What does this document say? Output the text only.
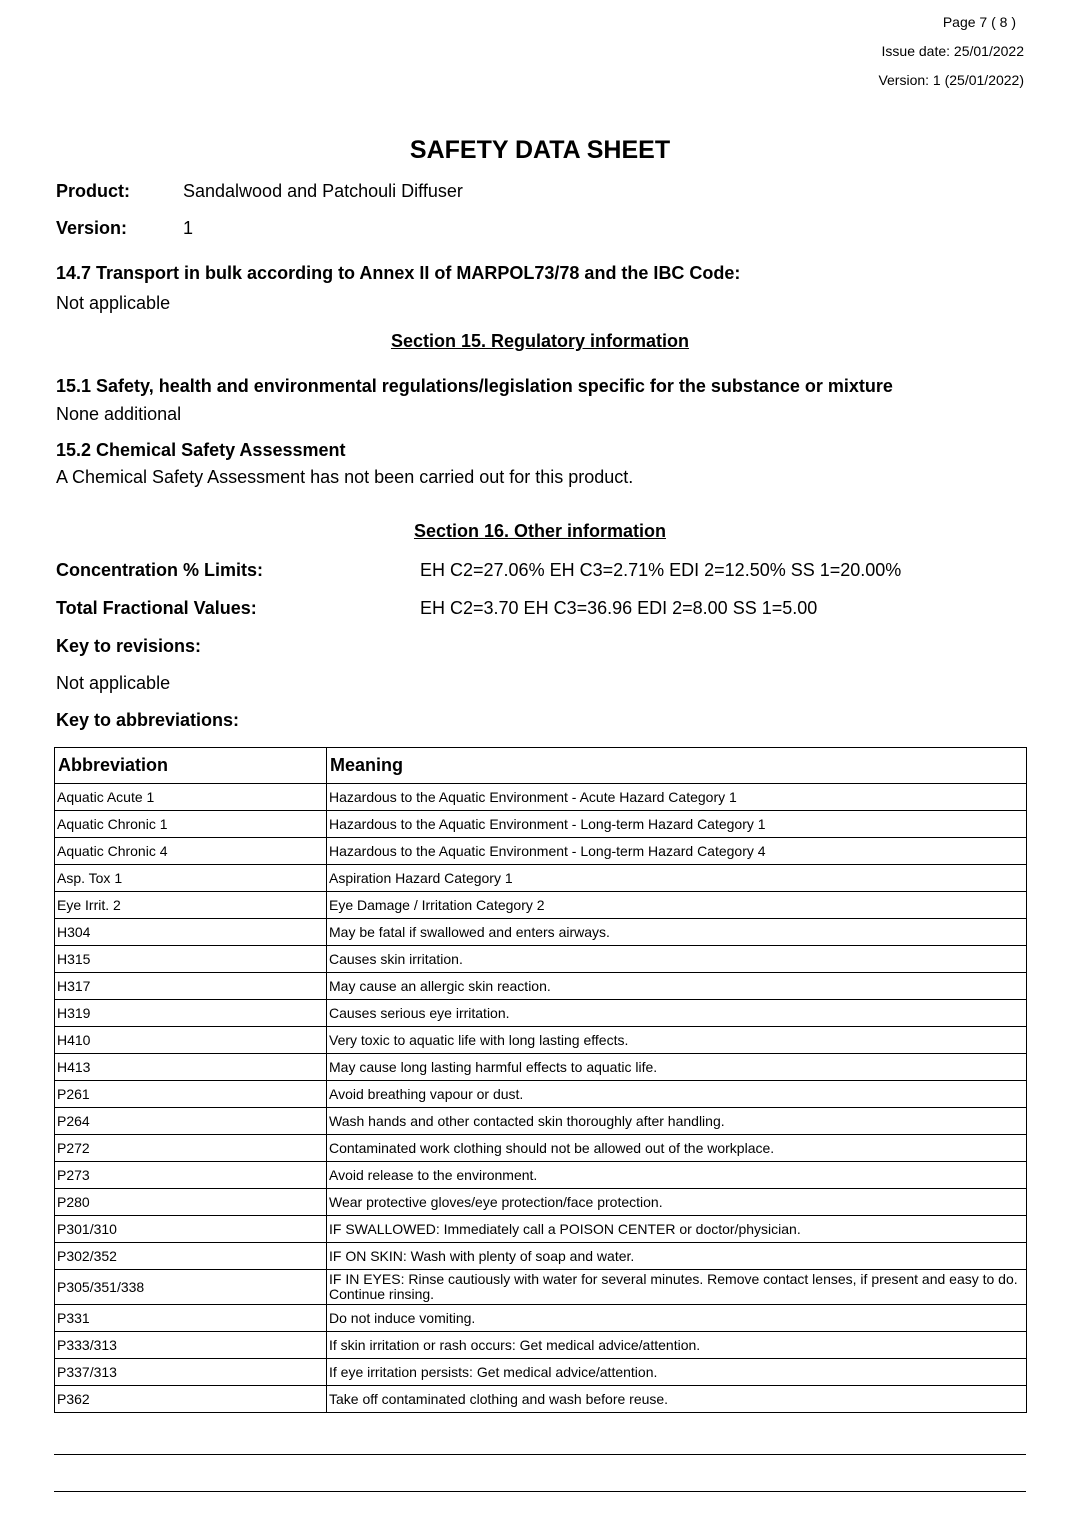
Page 7 ( 8 )
Issue date: 25/01/2022
Version: 1 (25/01/2022)
SAFETY DATA SHEET
Product:	Sandalwood and Patchouli Diffuser
Version:	1
14.7 Transport in bulk according to Annex II of MARPOL73/78 and the IBC Code:
Not applicable
Section 15. Regulatory information
15.1 Safety, health and environmental regulations/legislation specific for the substance or mixture
None additional
15.2 Chemical Safety Assessment
A Chemical Safety Assessment has not been carried out for this product.
Section 16. Other information
Concentration % Limits:	EH C2=27.06% EH C3=2.71% EDI 2=12.50% SS 1=20.00%
Total Fractional Values:	EH C2=3.70 EH C3=36.96 EDI 2=8.00 SS 1=5.00
Key to revisions:
Not applicable
Key to abbreviations:
Abbreviation	Meaning
Aquatic Acute 1	Hazardous to the Aquatic Environment - Acute Hazard Category 1
Aquatic Chronic 1	Hazardous to the Aquatic Environment - Long-term Hazard Category 1
Aquatic Chronic 4	Hazardous to the Aquatic Environment - Long-term Hazard Category 4
Asp. Tox 1	Aspiration Hazard Category 1
Eye Irrit. 2	Eye Damage / Irritation Category 2
H304	May be fatal if swallowed and enters airways.
H315	Causes skin irritation.
H317	May cause an allergic skin reaction.
H319	Causes serious eye irritation.
H410	Very toxic to aquatic life with long lasting effects.
H413	May cause long lasting harmful effects to aquatic life.
P261	Avoid breathing vapour or dust.
P264	Wash hands and other contacted skin thoroughly after handling.
P272	Contaminated work clothing should not be allowed out of the workplace.
P273	Avoid release to the environment.
P280	Wear protective gloves/eye protection/face protection.
P301/310	IF SWALLOWED: Immediately call a POISON CENTER or doctor/physician.
P302/352	IF ON SKIN: Wash with plenty of soap and water.
P305/351/338	IF IN EYES: Rinse cautiously with water for several minutes. Remove contact lenses, if present and easy to do. Continue rinsing.
P331	Do not induce vomiting.
P333/313	If skin irritation or rash occurs: Get medical advice/attention.
P337/313	If eye irritation persists: Get medical advice/attention.
P362	Take off contaminated clothing and wash before reuse.
